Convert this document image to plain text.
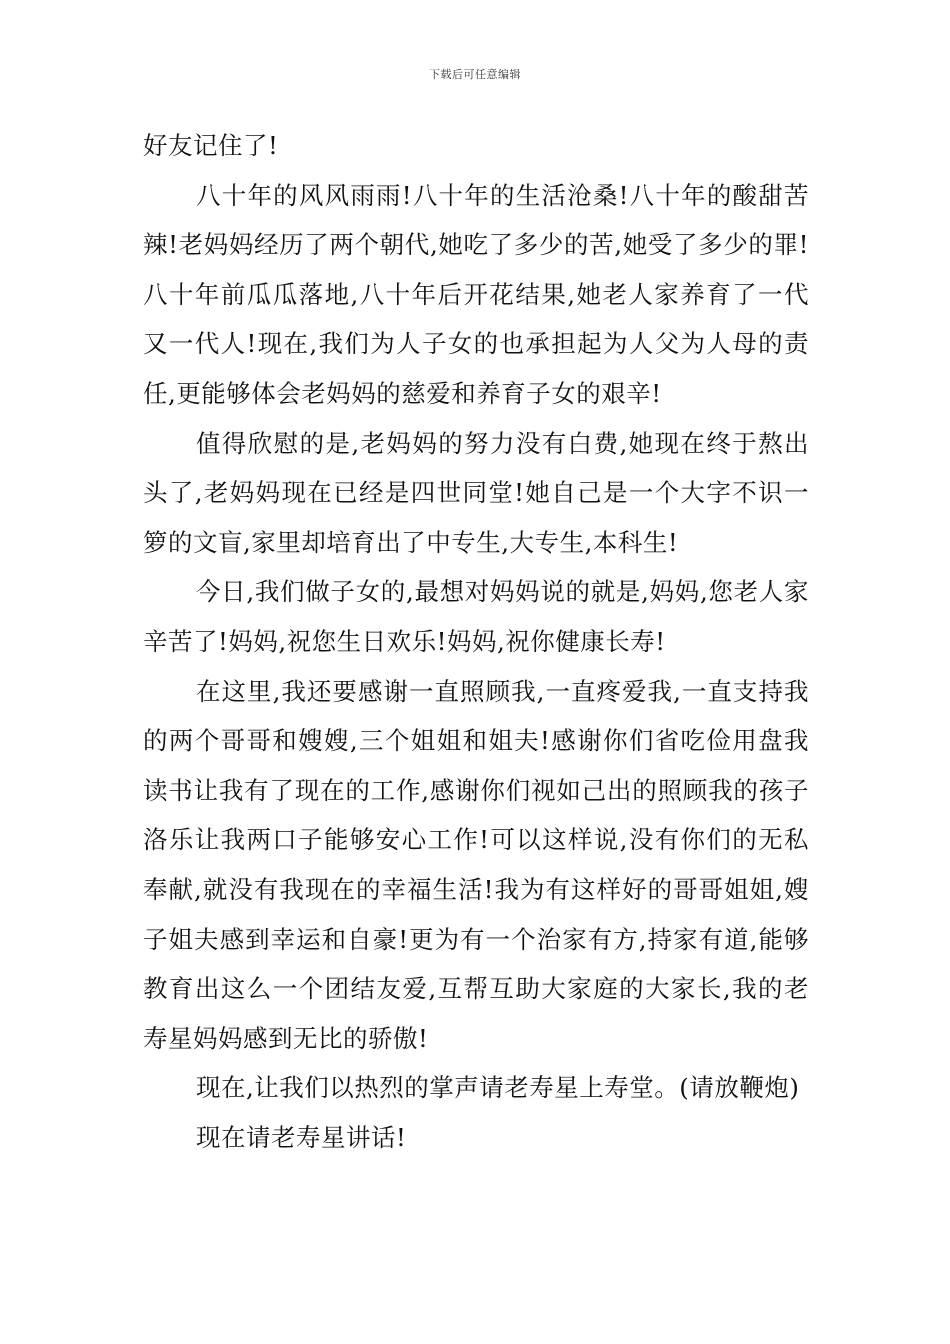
下载后可任意编辑

好友记住了!

八十年的风风雨雨!八十年的生活沧桑!八十年的酸甜苦辣!老妈妈经历了两个朝代,她吃了多少的苦,她受了多少的罪!八十年前瓜瓜落地,八十年后开花结果,她老人家养育了一代又一代人!现在,我们为人子女的也承担起为人父为人母的责任,更能够体会老妈妈的慈爱和养育子女的艰辛!

值得欣慰的是,老妈妈的努力没有白费,她现在终于熬出头了,老妈妈现在已经是四世同堂!她自己是一个大字不识一箩的文盲,家里却培育出了中专生,大专生,本科生!

今日,我们做子女的,最想对妈妈说的就是,妈妈,您老人家辛苦了!妈妈,祝您生日欢乐!妈妈,祝你健康长寿!

在这里,我还要感谢一直照顾我,一直疼爱我,一直支持我的两个哥哥和嫂嫂,三个姐姐和姐夫!感谢你们省吃俭用盘我读书让我有了现在的工作,感谢你们视如己出的照顾我的孩子洛乐让我两口子能够安心工作!可以这样说,没有你们的无私奉献,就没有我现在的幸福生活!我为有这样好的哥哥姐姐,嫂子姐夫感到幸运和自豪!更为有一个治家有方,持家有道,能够教育出这么一个团结友爱,互帮互助大家庭的大家长,我的老寿星妈妈感到无比的骄傲!

现在,让我们以热烈的掌声请老寿星上寿堂。(请放鞭炮)

现在请老寿星讲话!
